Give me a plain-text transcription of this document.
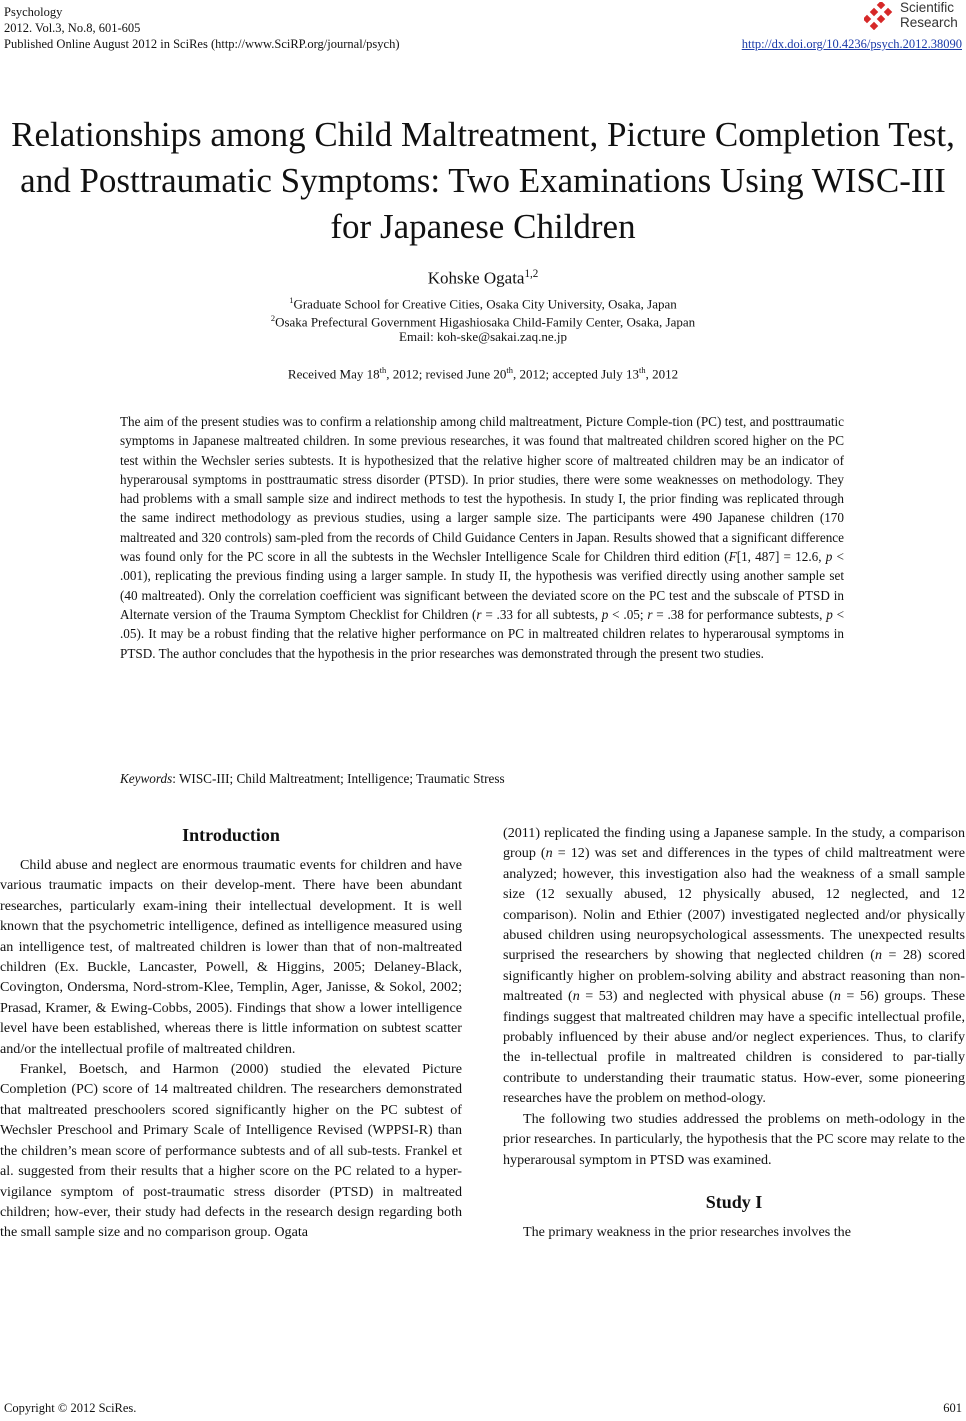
Psychology
2012. Vol.3, No.8, 601-605
Published Online August 2012 in SciRes (http://www.SciRP.org/journal/psych)	http://dx.doi.org/10.4236/psych.2012.38090
Scientific
Research
Relationships among Child Maltreatment, Picture Completion Test, and Posttraumatic Symptoms: Two Examinations Using WISC-III for Japanese Children
Kohske Ogata$^{1,2}$
$^1$Graduate School for Creative Cities, Osaka City University, Osaka, Japan
$^2$Osaka Prefectural Government Higashiosaka Child-Family Center, Osaka, Japan
Email: koh-ske@sakai.zaq.ne.jp
Received May 18th, 2012; revised June 20th, 2012; accepted July 13th, 2012
The aim of the present studies was to confirm a relationship among child maltreatment, Picture Comple-tion (PC) test, and posttraumatic symptoms in Japanese maltreated children. In some previous researches, it was found that maltreated children scored higher on the PC test within the Wechsler series subtests. It is hypothesized that the relative higher score of maltreated children may be an indicator of hyperarousal symptoms in posttraumatic stress disorder (PTSD). In prior studies, there were some weaknesses on methodology. They had problems with a small sample size and indirect methods to test the hypothesis. In study I, the prior finding was replicated through the same indirect methodology as previous studies, using a larger sample size. The participants were 490 Japanese children (170 maltreated and 320 controls) sam-pled from the records of Child Guidance Centers in Japan. Results showed that a significant difference was found only for the PC score in all the subtests in the Wechsler Intelligence Scale for Children third edition (F[1, 487] = 12.6, p < .001), replicating the previous finding using a larger sample. In study II, the hypothesis was verified directly using another sample set (40 maltreated). Only the correlation coefficient was significant between the deviated score on the PC test and the subscale of PTSD in Alternate version of the Trauma Symptom Checklist for Children (r = .33 for all subtests, p < .05; r = .38 for performance subtests, p < .05). It may be a robust finding that the relative higher performance on PC in maltreated children relates to hyperarousal symptoms in PTSD. The author concludes that the hypothesis in the prior researches was demonstrated through the present two studies.
Keywords: WISC-III; Child Maltreatment; Intelligence; Traumatic Stress
Introduction

Child abuse and neglect are enormous traumatic events for children and have various traumatic impacts on their develop-ment. There have been abundant researches, particularly exam-ining their intellectual development. It is well known that the psychometric intelligence, defined as intelligence measured using an intelligence test, of maltreated children is lower than that of non-maltreated children (Ex. Buckle, Lancaster, Powell, & Higgins, 2005; Delaney-Black, Covington, Ondersma, Nord-strom-Klee, Templin, Ager, Janisse, & Sokol, 2002; Prasad, Kramer, & Ewing-Cobbs, 2005). Findings that show a lower intelligence level have been established, whereas there is little information on subtest scatter and/or the intellectual profile of maltreated children.

Frankel, Boetsch, and Harmon (2000) studied the elevated Picture Completion (PC) score of 14 maltreated children. The researchers demonstrated that maltreated preschoolers scored significantly higher on the PC subtest of Wechsler Preschool and Primary Scale of Intelligence Revised (WPPSI-R) than the children’s mean score of performance subtests and of all sub-tests. Frankel et al. suggested from their results that a higher score on the PC related to a hyper-vigilance symptom of post-traumatic stress disorder (PTSD) in maltreated children; how-ever, their study had defects in the research design regarding both the small sample size and no comparison group. Ogata

(2011) replicated the finding using a Japanese sample. In the study, a comparison group (n = 12) was set and differences in the types of child maltreatment were analyzed; however, this investigation also had the weakness of a small sample size (12 sexually abused, 12 physically abused, 12 neglected, and 12 comparison). Nolin and Ethier (2007) investigated neglected and/or physically abused children using neuropsychological assessments. The unexpected results surprised the researchers by showing that neglected children (n = 28) scored significantly higher on problem-solving ability and abstract reasoning than non-maltreated (n = 53) and neglected with physical abuse (n = 56) groups. These findings suggest that maltreated children may have a specific intellectual profile, probably influenced by their abuse and/or neglect experiences. Thus, to clarify the in-tellectual profile in maltreated children is considered to par-tially contribute to understanding their traumatic status. How-ever, some pioneering researches have the problem on method-ology.

The following two studies addressed the problems on meth-odology in the prior researches. In particularly, the hypothesis that the PC score may relate to the hyperarousal symptom in PTSD was examined.

Study I

The primary weakness in the prior researches involves the

Copyright © 2012 SciRes.	601
